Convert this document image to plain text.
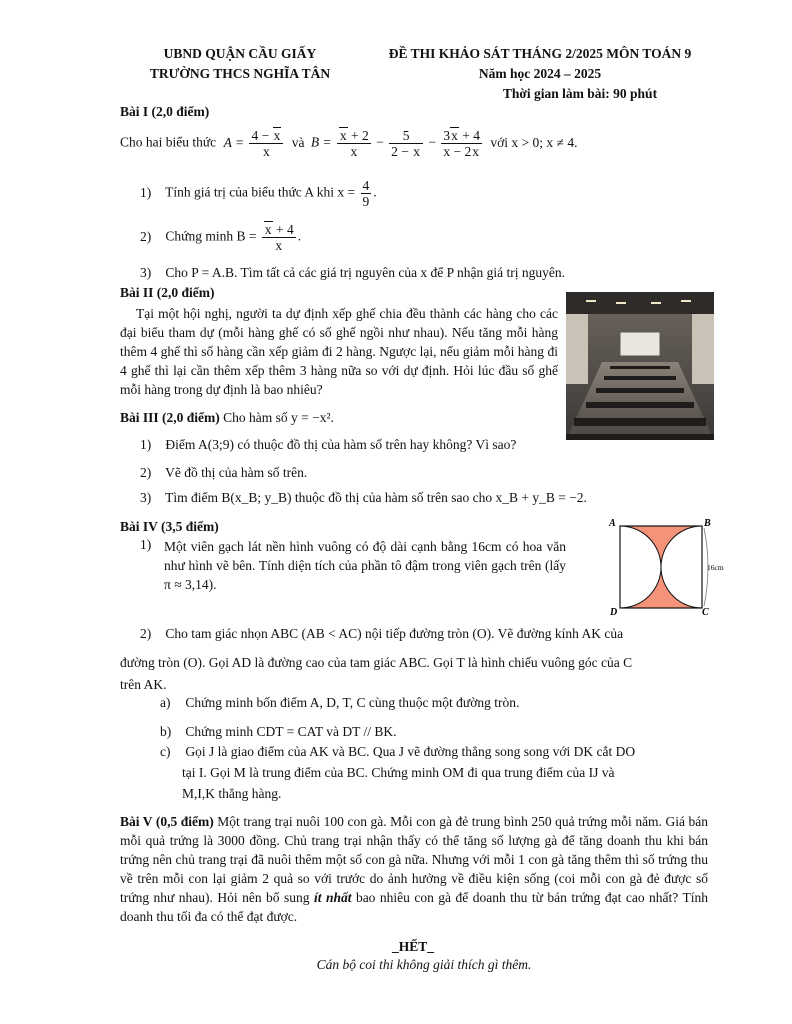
UBND QUẬN CẦU GIẤY
TRƯỜNG THCS NGHĨA TÂN
ĐỀ THI KHẢO SÁT THÁNG 2/2025 MÔN TOÁN 9
Năm học 2024 – 2025
Thời gian làm bài: 90 phút
Bài I (2,0 điểm)
Cho hai biểu thức $A = \frac{4 - x}{x}$ và $B = \frac{x + 2}{x} - \frac{5}{2 - x} - \frac{3x + 4}{x - 2x}$ với x > 0; x ≠ 4.
1) Tính giá trị của biểu thức A khi $x = \frac{4}{9}$ .
2) Chứng minh $B = \frac{x + 4}{x}$ .
3) Cho P = A.B. Tìm tất cả các giá trị nguyên của x để P nhận giá trị nguyên.
Bài II (2,0 điểm)
Tại một hội nghị, người ta dự định xếp ghế chia đều thành các hàng cho các đại biểu tham dự (mỗi hàng ghế có số ghế ngồi như nhau). Nếu tăng mỗi hàng thêm 4 ghế thì số hàng cần xếp giảm đi 2 hàng. Ngược lại, nếu giảm mỗi hàng đi 4 ghế thì lại cần thêm xếp thêm 3 hàng nữa so với dự định. Hỏi lúc đầu số ghế mỗi hàng trong dự định là bao nhiêu?
Bài III (2,0 điểm) Cho hàm số y = −x².
1) Điểm A(3;9) có thuộc đồ thị của hàm số trên hay không? Vì sao?
2) Vẽ đồ thị của hàm số trên.
3) Tìm điểm B(x_B; y_B) thuộc đồ thị của hàm số trên sao cho x_B + y_B = −2.
Bài IV (3,5 điểm)
1) Một viên gạch lát nền hình vuông có độ dài cạnh bằng 16cm có hoa văn như hình vẽ bên. Tính diện tích của phần tô đậm trong viên gạch trên (lấy π ≈ 3,14).
A	B
C
D
16cm
2) Cho tam giác nhọn ABC (AB < AC) nội tiếp đường tròn (O). Vẽ đường kính AK của
đường tròn (O). Gọi AD là đường cao của tam giác ABC. Gọi T là hình chiếu vuông góc của C
trên AK.
a) Chứng minh bốn điểm A, D, T, C cùng thuộc một đường tròn.
b) Chứng minh CDT = CAT và DT // BK.
c) Gọi J là giao điểm của AK và BC. Qua J vẽ đường thẳng song song với DK cắt DO
tại I. Gọi M là trung điểm của BC. Chứng minh OM đi qua trung điểm của IJ và
M,I,K thẳng hàng.
Bài V (0,5 điểm) Một trang trại nuôi 100 con gà. Mỗi con gà đẻ trung bình 250 quả trứng mỗi năm. Giá bán mỗi quả trứng là 3000 đồng. Chủ trang trại nhận thấy có thể tăng số lượng gà để tăng doanh thu khi bán trứng nên chủ trang trại đã nuôi thêm một số con gà nữa. Nhưng với mỗi 1 con gà tăng thêm thì số trứng thu về trên mỗi con lại giảm 2 quả so với trước do ảnh hưởng về điều kiện sống (coi mỗi con gà đẻ được số trứng như nhau). Hỏi nên bổ sung ít nhất bao nhiêu con gà để doanh thu từ bán trứng đạt cao nhất? Tính doanh thu tối đa có thể đạt được.
_HẾT_
Cán bộ coi thi không giải thích gì thêm.
